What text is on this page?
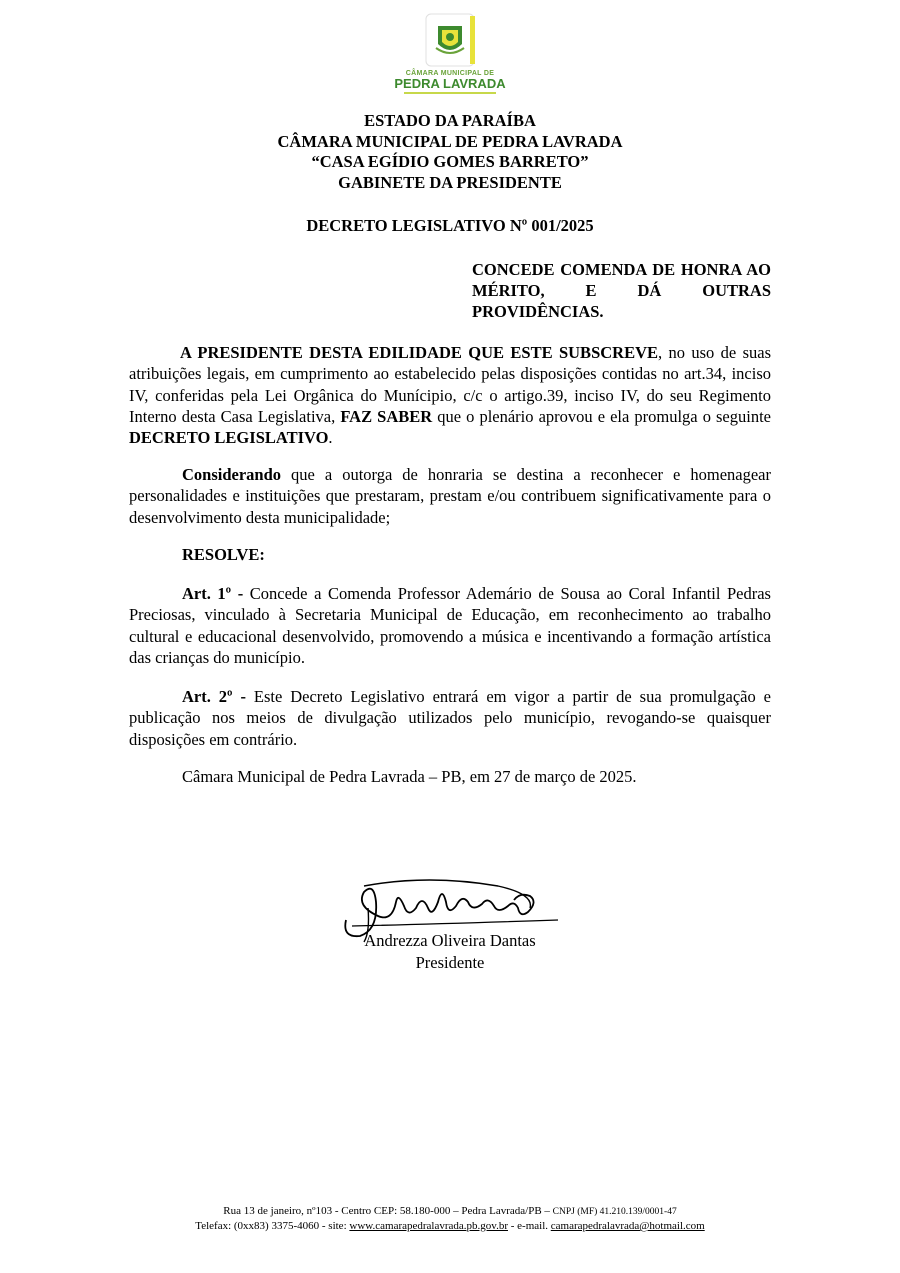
CÂMARA MUNICIPAL DE
PEDRA LAVRADA
ESTADO DA PARAÍBA
CÂMARA MUNICIPAL DE PEDRA LAVRADA
“CASA EGÍDIO GOMES BARRETO”
GABINETE DA PRESIDENTE
DECRETO LEGISLATIVO Nº 001/2025
CONCEDE COMENDA DE HONRA AO MÉRITO, E DÁ OUTRAS PROVIDÊNCIAS.
A PRESIDENTE DESTA EDILIDADE QUE ESTE SUBSCREVE, no uso de suas atribuições legais, em cumprimento ao estabelecido pelas disposições contidas no art.34, inciso IV, conferidas pela Lei Orgânica do Munícipio, c/c o artigo.39, inciso IV, do seu Regimento Interno desta Casa Legislativa, FAZ SABER que o plenário aprovou e ela promulga o seguinte DECRETO LEGISLATIVO.
Considerando que a outorga de honraria se destina a reconhecer e homenagear personalidades e instituições que prestaram, prestam e/ou contribuem significativamente para o desenvolvimento desta municipalidade;
RESOLVE:
Art. 1º - Concede a Comenda Professor Ademário de Sousa ao Coral Infantil Pedras Preciosas, vinculado à Secretaria Municipal de Educação, em reconhecimento ao trabalho cultural e educacional desenvolvido, promovendo a música e incentivando a formação artística das crianças do município.
Art. 2º - Este Decreto Legislativo entrará em vigor a partir de sua promulgação e publicação nos meios de divulgação utilizados pelo município, revogando-se quaisquer disposições em contrário.
Câmara Municipal de Pedra Lavrada – PB, em 27 de março de 2025.
Andrezza Oliveira Dantas
Presidente
Rua 13 de janeiro, nº103 - Centro CEP: 58.180-000 – Pedra Lavrada/PB – CNPJ (MF) 41.210.139/0001-47
Telefax: (0xx83) 3375-4060 - site: www.camarapedralavrada.pb.gov.br - e-mail. camarapedralavrada@hotmail.com
